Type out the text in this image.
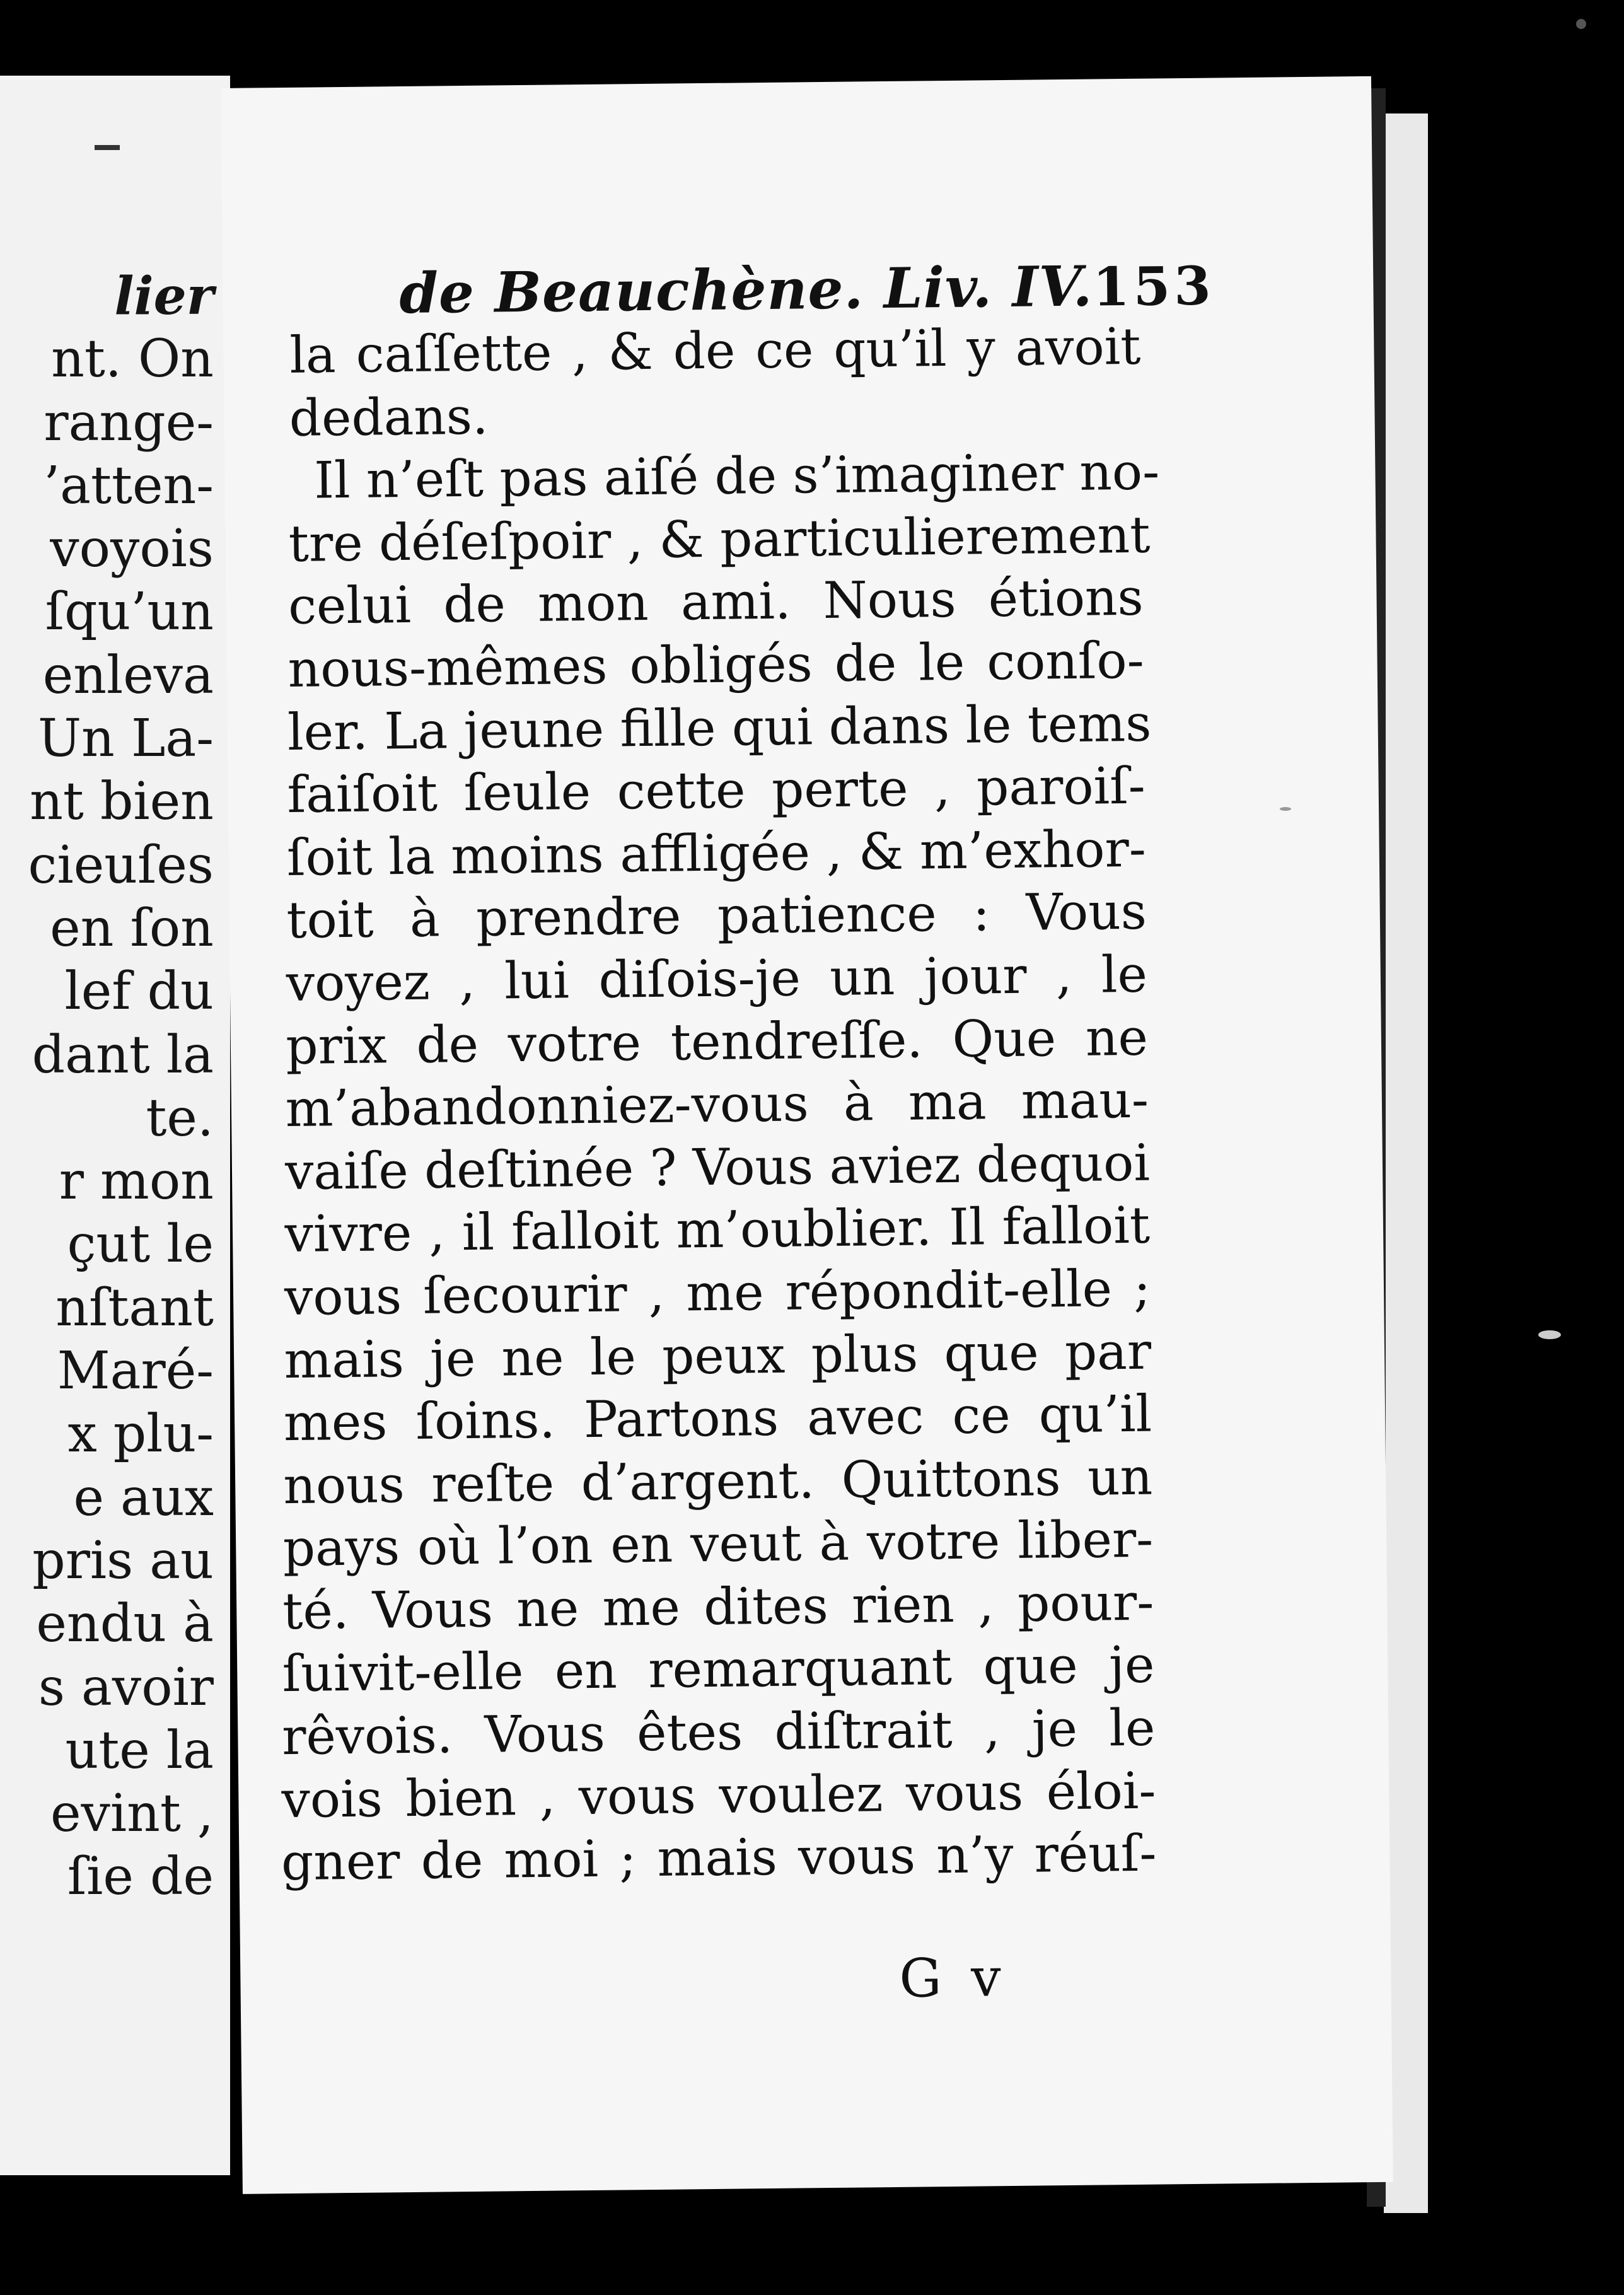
lier
nt. On
range-
’atten-
voyois
ſqu’un
enleva
Un La-
nt bien
cieuſes
en ſon
lef du
dant la
te.
r mon
çut le
nſtant
Maré-
x plu-
e aux
pris au
endu à
s avoir
ute la
evint ,
ſie de
de Beauchène. Liv. IV.
153
la caſſette , & de ce qu’il y avoit
dedans.
Il n’eſt pas aiſé de s’imaginer no-
tre déſeſpoir , & particulierement
celui de mon ami. Nous étions
nous-mêmes obligés de le conſo-
ler. La jeune fille qui dans le tems
faiſoit ſeule cette perte , paroiſ-
ſoit la moins affligée , & m’exhor-
toit à prendre patience : Vous
voyez , lui diſois-je un jour , le
prix de votre tendreſſe. Que ne
m’abandonniez-vous à ma mau-
vaiſe deſtinée ? Vous aviez dequoi
vivre , il falloit m’oublier. Il falloit
vous ſecourir , me répondit-elle ;
mais je ne le peux plus que par
mes ſoins. Partons avec ce qu’il
nous reſte d’argent. Quittons un
pays où l’on en veut à votre liber-
té. Vous ne me dites rien , pour-
ſuivit-elle en remarquant que je
rêvois. Vous êtes diſtrait , je le
vois bien , vous voulez vous éloi-
gner de moi ; mais vous n’y réuſ-
G v
